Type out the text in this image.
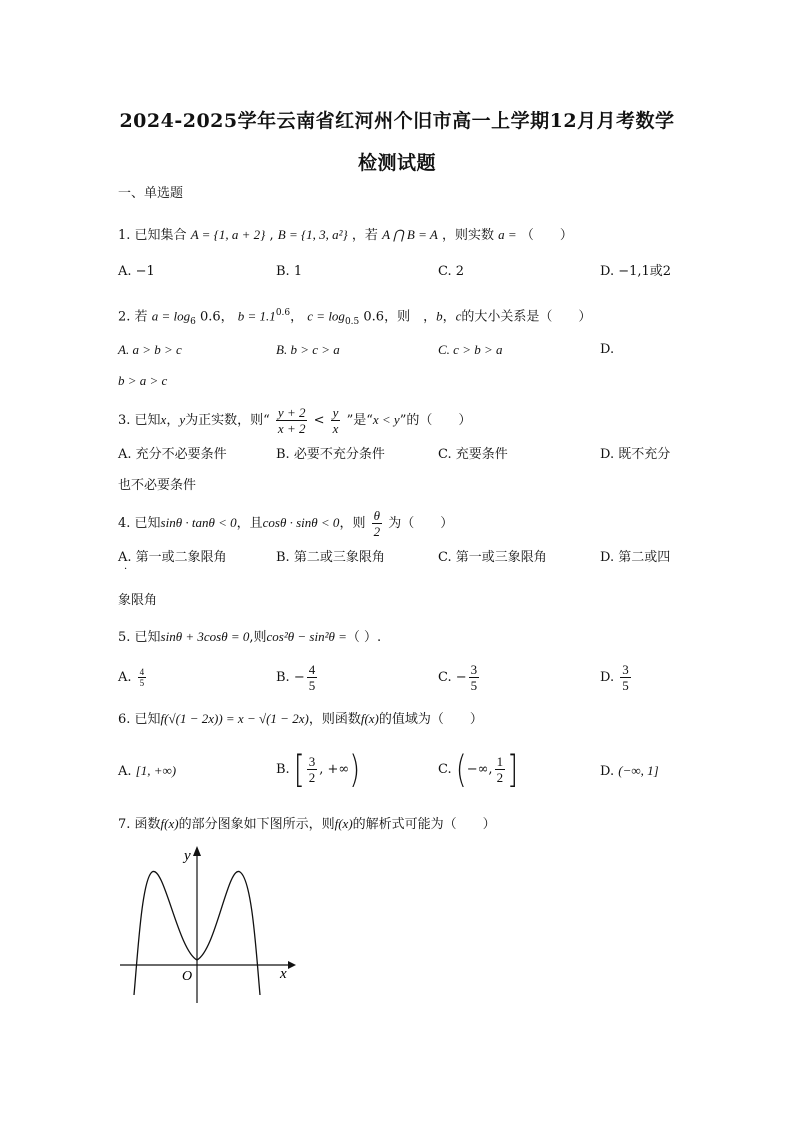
2024-2025学年云南省红河州个旧市高一上学期12月月考数学
检测试题
一、单选题
1. 已知集合 A = {1, a + 2} , B = {1, 3, a²} ，若 A ⋂ B = A ，则实数 a = （　　）
A. −1	B. 1	C. 2	D. −1,1或2
2. 若 $a = \log_6 0.6$， $b = 1.1^{0.6}$， $c = \log_{0.5} 0.6$，则　，b，c的大小关系是（　　）
A. a > b > c	B. b > c > a	C. c > b > a	D.
b > a > c
3. 已知x，y为正实数，则“ $\frac{y + 2}{x + 2} < \frac{y}{x}$ ”是“x < y”的（　　）
A. 充分不必要条件	B. 必要不充分条件	C. 充要条件	D. 既不充分
也不必要条件
4. 已知sinθ · tanθ < 0，且cosθ · sinθ < 0，则 $\frac{\theta}{2}$ 为（　　）
A. 第一或二象限角
·
B. 第二或三象限角	C. 第一或三象限角	D. 第二或四
象限角
5. 已知sinθ + 3cosθ = 0,则cos²θ − sin²θ =（ ）.
A. $\frac{4}{5}$	B. − $\frac{4}{5}$	C. − $\frac{3}{5}$	D. $\frac{3}{5}$
6. 已知f(√(1 − 2x)) = x − √(1 − 2x)，则函数f(x)的值域为（　　）
A. [1, +∞)	B. [ $\frac{3}{2}$ , +∞)	C. (−∞, $\frac{1}{2}$ ]	D. (−∞, 1]
7. 函数f(x)的部分图象如下图所示，则f(x)的解析式可能为（　　）
x
y
O
